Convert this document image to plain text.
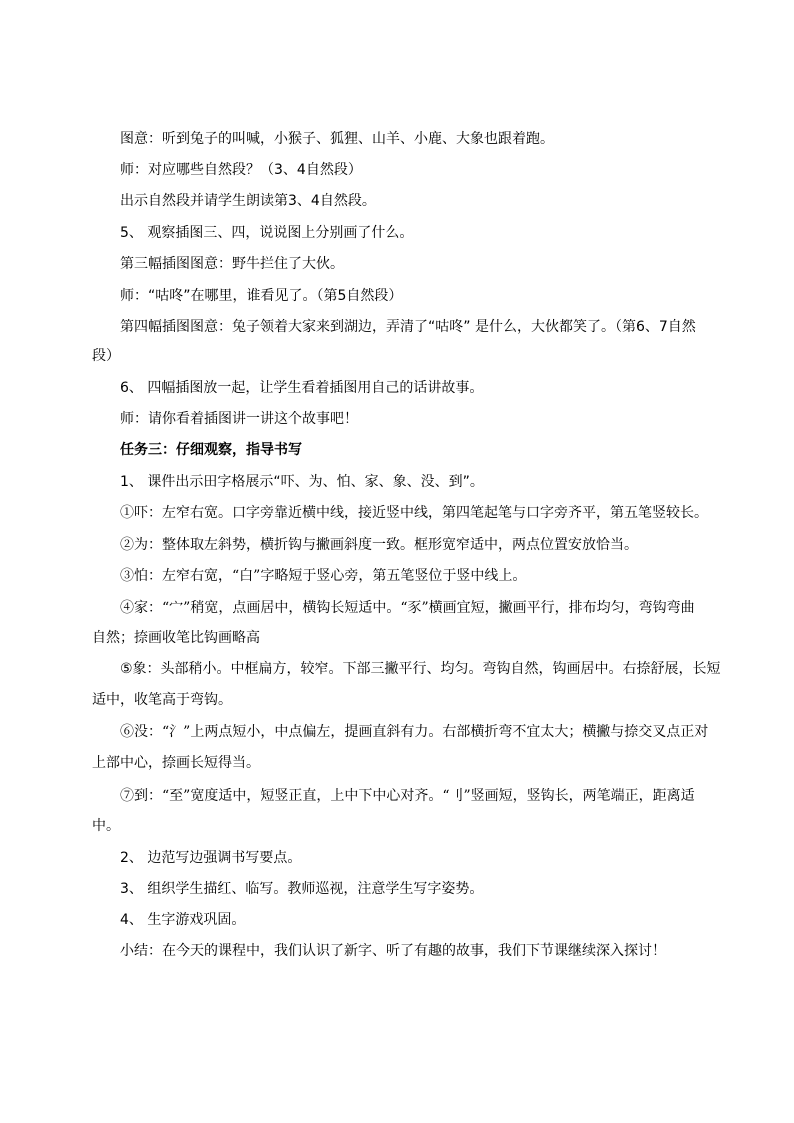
图意：听到兔子的叫喊，小猴子、狐狸、山羊、小鹿、大象也跟着跑。
师：对应哪些自然段？（3、4自然段）
出示自然段并请学生朗读第3、4自然段。
5、 观察插图三、四，说说图上分别画了什么。
第三幅插图图意：野牛拦住了大伙。
师：“咕咚”在哪里，谁看见了。（第5自然段）
第四幅插图图意：兔子领着大家来到湖边，弄清了“咕咚” 是什么，大伙都笑了。（第6、7自然
段）
6、 四幅插图放一起，让学生看着插图用自己的话讲故事。
师：请你看着插图讲一讲这个故事吧！
任务三：仔细观察，指导书写
1、 课件出示田字格展示“吓、为、怕、家、象、没、到”。
①吓：左窄右宽。口字旁靠近横中线，接近竖中线，第四笔起笔与口字旁齐平，第五笔竖较长。
②为：整体取左斜势，横折钩与撇画斜度一致。框形宽窄适中，两点位置安放恰当。
③怕：左窄右宽，“白”字略短于竖心旁，第五笔竖位于竖中线上。
④家：“宀”稍宽，点画居中，横钩长短适中。“豕”横画宜短，撇画平行，排布均匀，弯钩弯曲
自然；捺画收笔比钩画略高
⑤象：头部稍小。中框扁方，较窄。下部三撇平行、均匀。弯钩自然，钩画居中。右捺舒展，长短
适中，收笔高于弯钩。
⑥没：“氵”上两点短小，中点偏左，提画直斜有力。右部横折弯不宜太大；横撇与捺交叉点正对
上部中心，捺画长短得当。
⑦到：“至”宽度适中，短竖正直，上中下中心对齐。“刂”竖画短，竖钩长，两笔端正，距离适
中。
2、 边范写边强调书写要点。
3、 组织学生描红、临写。教师巡视，注意学生写字姿势。
4、 生字游戏巩固。
小结：在今天的课程中，我们认识了新字、听了有趣的故事，我们下节课继续深入探讨！
